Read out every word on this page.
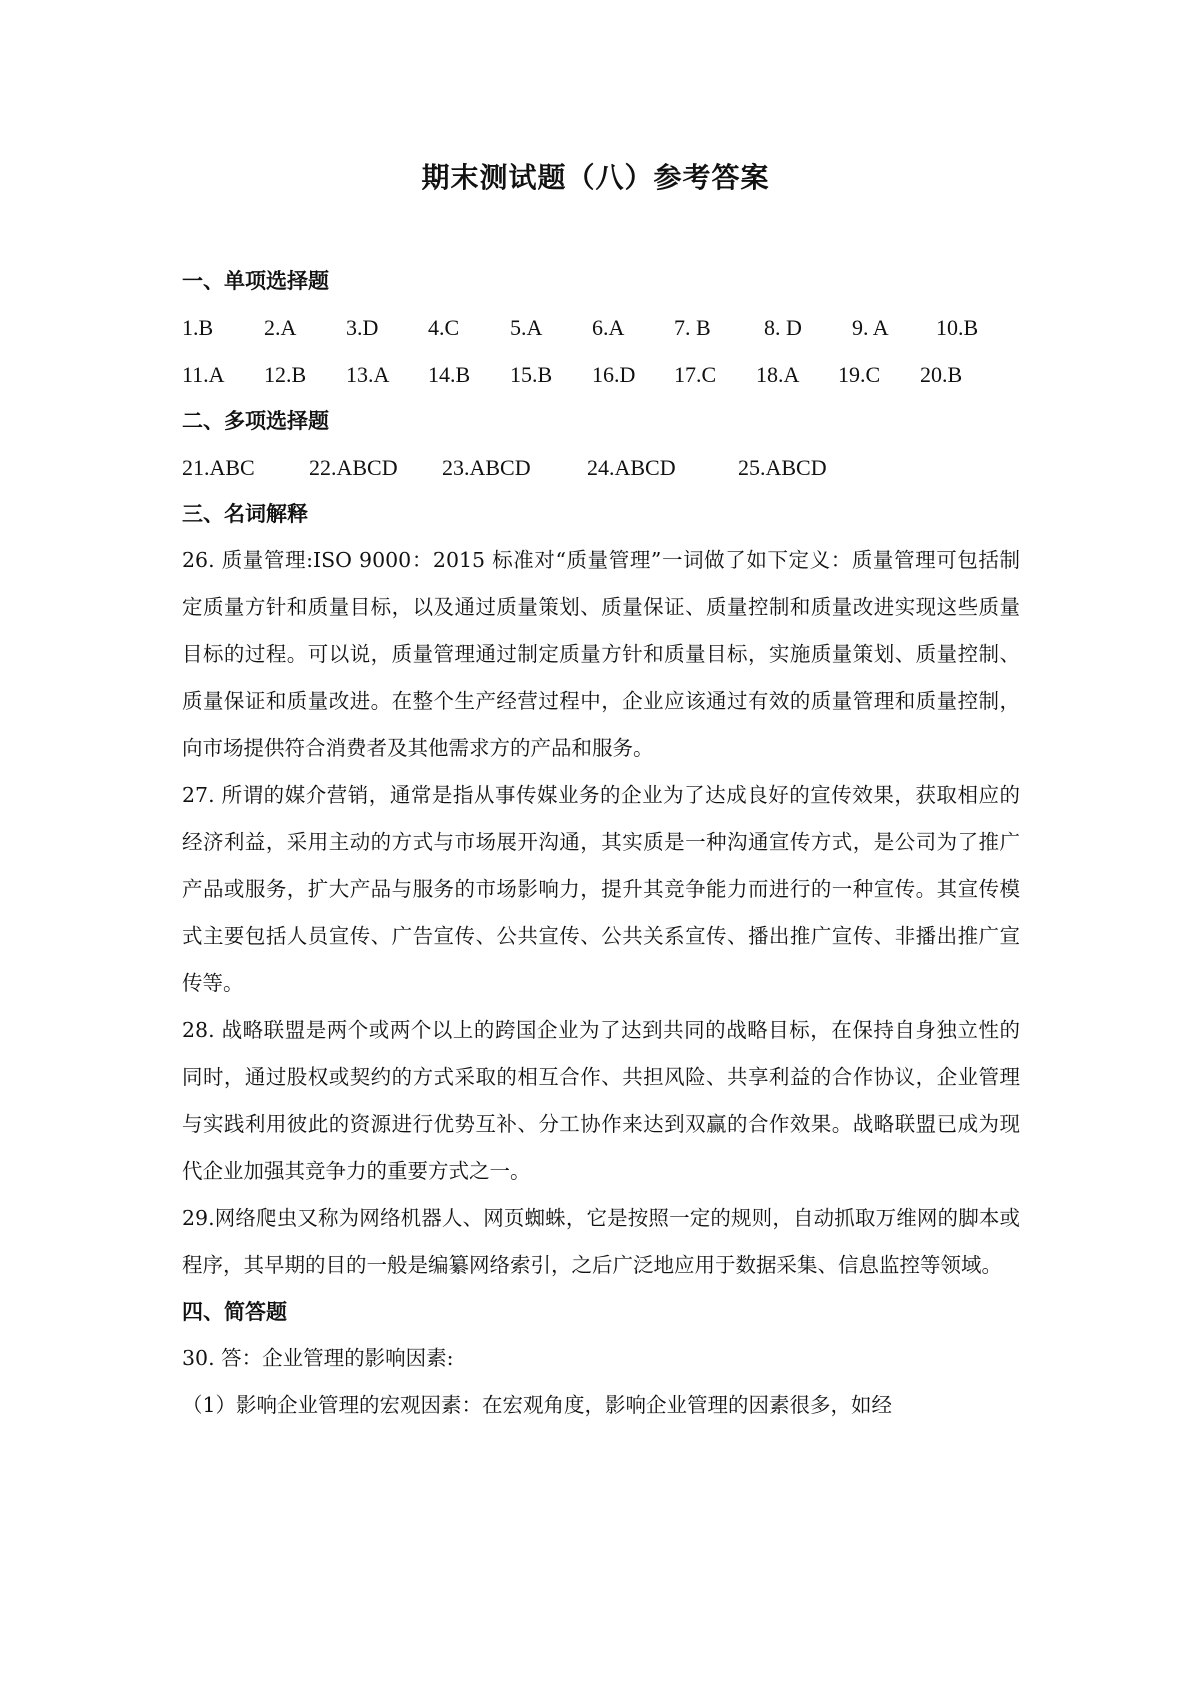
期末测试题（八）参考答案
一、单项选择题
1.B 2.A 3.D 4.C 5.A 6.A 7. B 8. D 9. A 10.B
11.A 12.B 13.A 14.B 15.B 16.D 17.C 18.A 19.C 20.B
二、多项选择题
21.ABC 22.ABCD 23.ABCD	24.ABCD	25.ABCD
三、名词解释

26. 质量管理:ISO 9000：2015 标准对“质量管理”一词做了如下定义：质量管理可包括制定质量方针和质量目标，以及通过质量策划、质量保证、质量控制和质量改进实现这些质量目标的过程。可以说，质量管理通过制定质量方针和质量目标，实施质量策划、质量控制、质量保证和质量改进。在整个生产经营过程中，企业应该通过有效的质量管理和质量控制，向市场提供符合消费者及其他需求方的产品和服务。

27. 所谓的媒介营销，通常是指从事传媒业务的企业为了达成良好的宣传效果，获取相应的经济利益，采用主动的方式与市场展开沟通，其实质是一种沟通宣传方式，是公司为了推广产品或服务，扩大产品与服务的市场影响力，提升其竞争能力而进行的一种宣传。其宣传模式主要包括人员宣传、广告宣传、公共宣传、公共关系宣传、播出推广宣传、非播出推广宣传等。

28. 战略联盟是两个或两个以上的跨国企业为了达到共同的战略目标，在保持自身独立性的同时，通过股权或契约的方式采取的相互合作、共担风险、共享利益的合作协议，企业管理与实践利用彼此的资源进行优势互补、分工协作来达到双赢的合作效果。战略联盟已成为现代企业加强其竞争力的重要方式之一。

29.网络爬虫又称为网络机器人、网页蜘蛛，它是按照一定的规则，自动抓取万维网的脚本或程序，其早期的目的一般是编纂网络索引，之后广泛地应用于数据采集、信息监控等领域。

四、简答题

30. 答：企业管理的影响因素:

（1）影响企业管理的宏观因素：在宏观角度，影响企业管理的因素很多，如经
